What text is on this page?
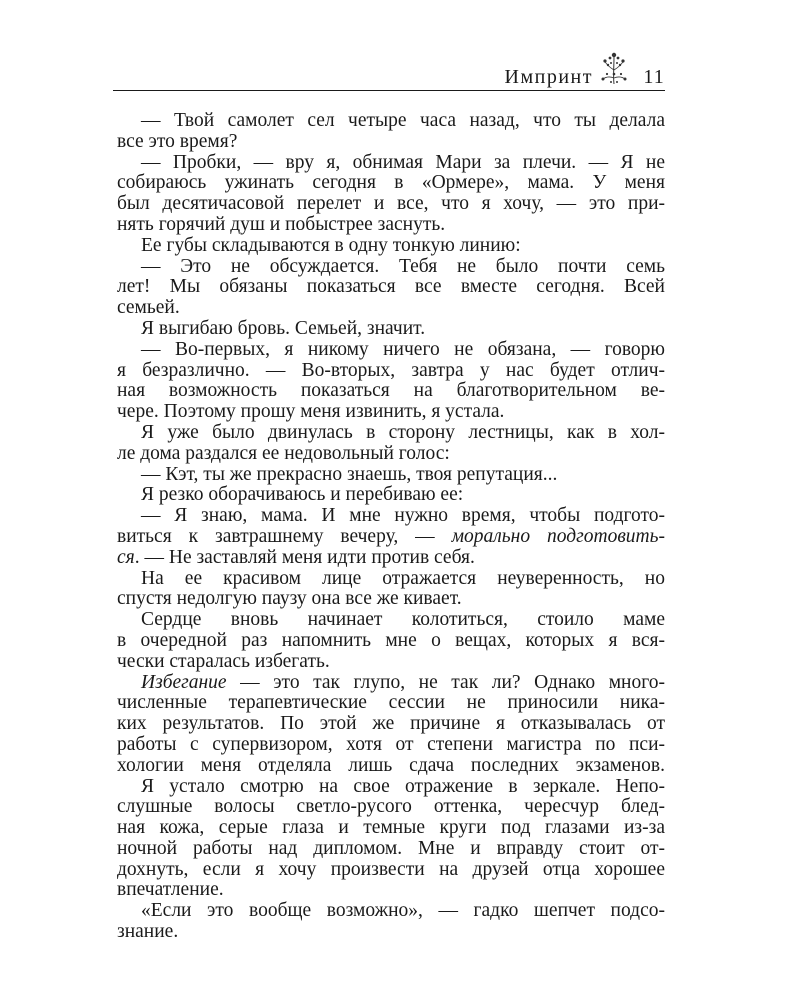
Импринт	11
— Твой самолет сел четыре часа назад, что ты делала
все это время?
— Пробки, — вру я, обнимая Мари за плечи. — Я не
собираюсь ужинать сегодня в «Ормере», мама. У меня
был десятичасовой перелет и все, что я хочу, — это при-
нять горячий душ и побыстрее заснуть.
Ее губы складываются в одну тонкую линию:
— Это не обсуждается. Тебя не было почти семь
лет! Мы обязаны показаться все вместе сегодня. Всей
семьей.
Я выгибаю бровь. Семьей, значит.
— Во-первых, я никому ничего не обязана, — говорю
я безразлично. — Во-вторых, завтра у нас будет отлич-
ная возможность показаться на благотворительном ве-
чере. Поэтому прошу меня извинить, я устала.
Я уже было двинулась в сторону лестницы, как в хол-
ле дома раздался ее недовольный голос:
— Кэт, ты же прекрасно знаешь, твоя репутация...
Я резко оборачиваюсь и перебиваю ее:
— Я знаю, мама. И мне нужно время, чтобы подгото-
виться к завтрашнему вечеру, — морально подготовить-
ся. — Не заставляй меня идти против себя.
На ее красивом лице отражается неуверенность, но
спустя недолгую паузу она все же кивает.
Сердце вновь начинает колотиться, стоило маме
в очередной раз напомнить мне о вещах, которых я вся-
чески старалась избегать.
Избегание — это так глупо, не так ли? Однако много-
численные терапевтические сессии не приносили ника-
ких результатов. По этой же причине я отказывалась от
работы с супервизором, хотя от степени магистра по пси-
хологии меня отделяла лишь сдача последних экзаменов.
Я устало смотрю на свое отражение в зеркале. Непо-
слушные волосы светло-русого оттенка, чересчур блед-
ная кожа, серые глаза и темные круги под глазами из-за
ночной работы над дипломом. Мне и вправду стоит от-
дохнуть, если я хочу произвести на друзей отца хорошее
впечатление.
«Если это вообще возможно», — гадко шепчет подсо-
знание.
